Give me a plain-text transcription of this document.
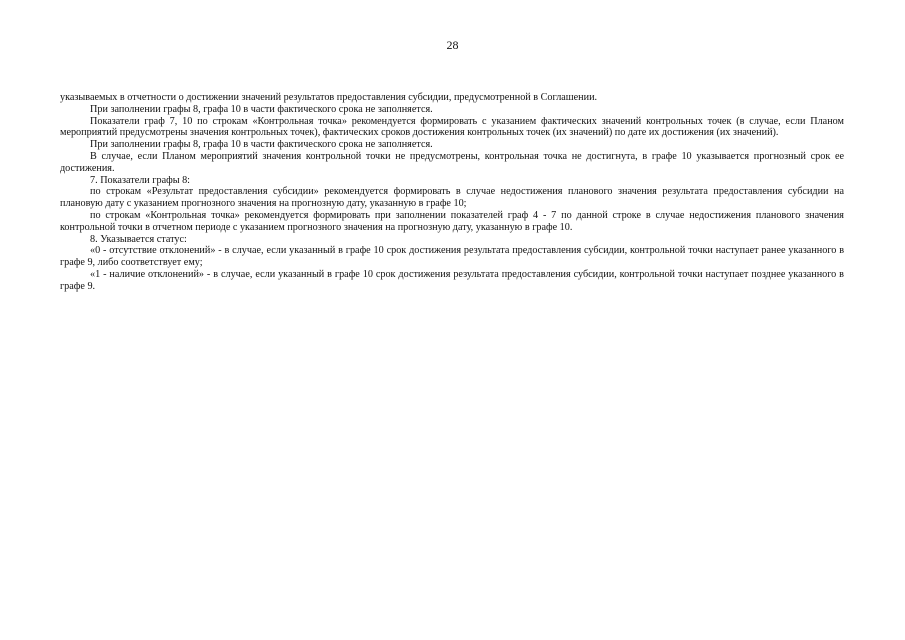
28

указываемых в отчетности о достижении значений результатов предоставления субсидии, предусмотренной в Соглашении.

При заполнении графы 8, графа 10 в части фактического срока не заполняется.

Показатели граф 7, 10 по строкам «Контрольная точка» рекомендуется формировать с указанием фактических значений контрольных точек (в случае, если Планом мероприятий предусмотрены значения контрольных точек), фактических сроков достижения контрольных точек (их значений) по дате их достижения (их значений).

При заполнении графы 8, графа 10 в части фактического срока не заполняется.

В случае, если Планом мероприятий значения контрольной точки не предусмотрены, контрольная точка не достигнута, в графе 10 указывается прогнозный срок ее достижения.

7. Показатели графы 8:

по строкам «Результат предоставления субсидии» рекомендуется формировать в случае недостижения планового значения результата предоставления субсидии на плановую дату с указанием прогнозного значения на прогнозную дату, указанную в графе 10;

по строкам «Контрольная точка» рекомендуется формировать при заполнении показателей граф 4 - 7 по данной строке в случае недостижения планового значения контрольной точки в отчетном периоде с указанием прогнозного значения на прогнозную дату, указанную в графе 10.

8. Указывается статус:

«0 - отсутствие отклонений» - в случае, если указанный в графе 10 срок достижения результата предоставления субсидии, контрольной точки наступает ранее указанного в графе 9, либо соответствует ему;

«1 - наличие отклонений» - в случае, если указанный в графе 10 срок достижения результата предоставления субсидии, контрольной точки наступает позднее указанного в графе 9.
